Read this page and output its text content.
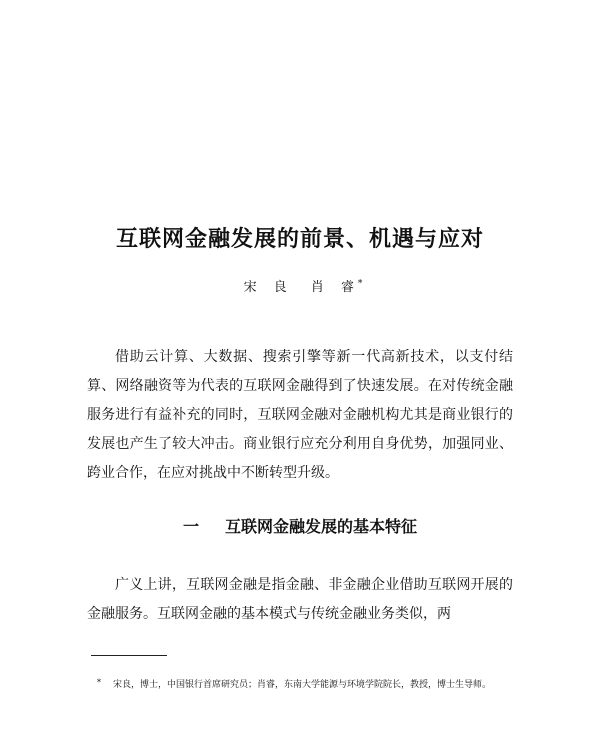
互联网金融发展的前景、机遇与应对
宋　良 肖　睿 *

借助云计算、大数据、搜索引擎等新一代高新技术，以支付结算、网络融资等为代表的互联网金融得到了快速发展。在对传统金融服务进行有益补充的同时，互联网金融对金融机构尤其是商业银行的发展也产生了较大冲击。商业银行应充分利用自身优势，加强同业、跨业合作，在应对挑战中不断转型升级。

一 互联网金融发展的基本特征

广义上讲，互联网金融是指金融、非金融企业借助互联网开展的金融服务。互联网金融的基本模式与传统金融业务类似，两

* 宋良，博士，中国银行首席研究员；肖睿，东南大学能源与环境学院院长，教授，博士生导师。
